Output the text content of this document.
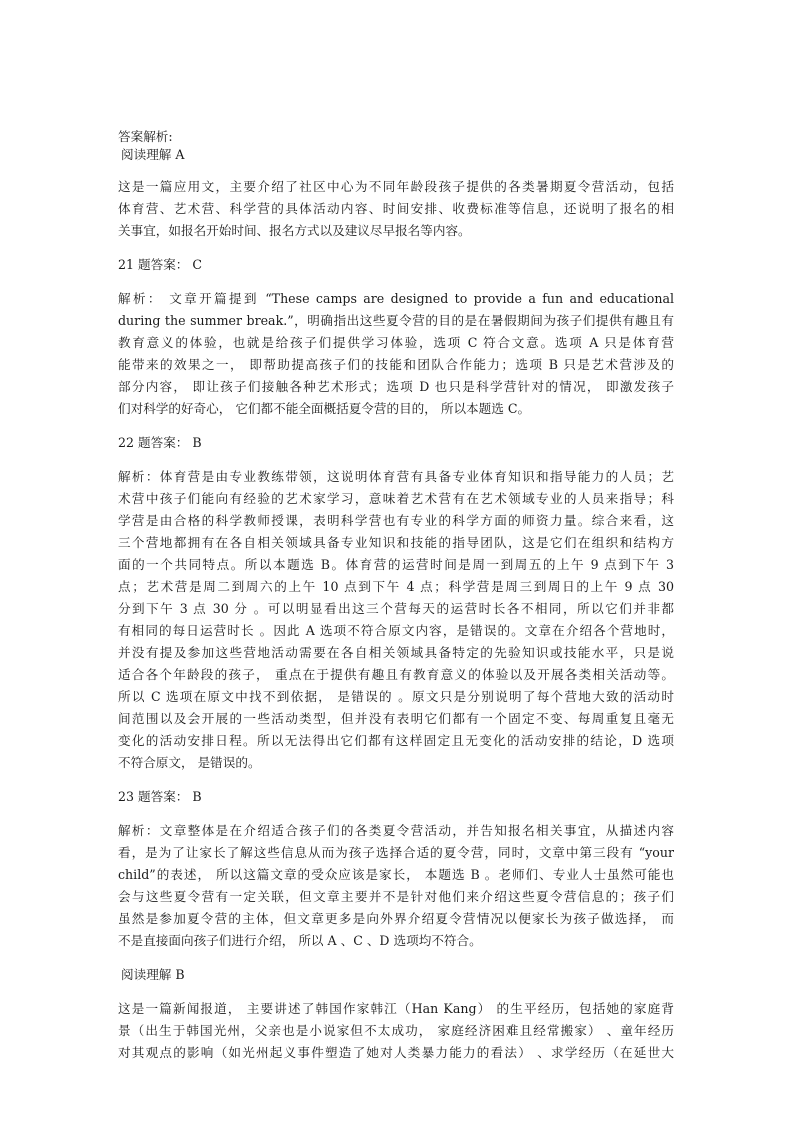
答案解析:
阅读理解 A
这是一篇应用文，主要介绍了社区中心为不同年龄段孩子提供的各类暑期夏令营活动，包括
体育营、艺术营、科学营的具体活动内容、时间安排、收费标准等信息，还说明了报名的相
关事宜，如报名开始时间、报名方式以及建议尽早报名等内容。
21 题答案： C
解析： 文章开篇提到 “These camps are designed to provide a fun and educational
during the summer break.”，明确指出这些夏令营的目的是在暑假期间为孩子们提供有趣且有
教育意义的体验，也就是给孩子们提供学习体验，选项 C 符合文意。选项 A 只是体育营
能带来的效果之一， 即帮助提高孩子们的技能和团队合作能力；选项 B 只是艺术营涉及的
部分内容， 即让孩子们接触各种艺术形式；选项 D 也只是科学营针对的情况， 即激发孩子
们对科学的好奇心， 它们都不能全面概括夏令营的目的， 所以本题选 C。
22 题答案： B
解析：体育营是由专业教练带领，这说明体育营有具备专业体育知识和指导能力的人员；艺
术营中孩子们能向有经验的艺术家学习，意味着艺术营有在艺术领域专业的人员来指导；科
学营是由合格的科学教师授课，表明科学营也有专业的科学方面的师资力量。综合来看，这
三个营地都拥有在各自相关领域具备专业知识和技能的指导团队，这是它们在组织和结构方
面的一个共同特点。所以本题选 B。体育营的运营时间是周一到周五的上午 9 点到下午 3
点；艺术营是周二到周六的上午 10 点到下午 4 点；科学营是周三到周日的上午 9 点 30
分到下午 3 点 30 分 。可以明显看出这三个营每天的运营时长各不相同，所以它们并非都
有相同的每日运营时长 。因此 A 选项不符合原文内容，是错误的。文章在介绍各个营地时，
并没有提及参加这些营地活动需要在各自相关领域具备特定的先验知识或技能水平，只是说
适合各个年龄段的孩子， 重点在于提供有趣且有教育意义的体验以及开展各类相关活动等。
所以 C 选项在原文中找不到依据， 是错误的 。原文只是分别说明了每个营地大致的活动时
间范围以及会开展的一些活动类型，但并没有表明它们都有一个固定不变、每周重复且毫无
变化的活动安排日程。所以无法得出它们都有这样固定且无变化的活动安排的结论，D 选项
不符合原文， 是错误的。
23 题答案： B
解析：文章整体是在介绍适合孩子们的各类夏令营活动，并告知报名相关事宜，从描述内容
看，是为了让家长了解这些信息从而为孩子选择合适的夏令营，同时，文章中第三段有 “your
child”的表述， 所以这篇文章的受众应该是家长， 本题选 B 。老师们、专业人士虽然可能也
会与这些夏令营有一定关联，但文章主要并不是针对他们来介绍这些夏令营信息的；孩子们
虽然是参加夏令营的主体，但文章更多是向外界介绍夏令营情况以便家长为孩子做选择， 而
不是直接面向孩子们进行介绍， 所以 A 、C 、D 选项均不符合。
阅读理解 B
这是一篇新闻报道， 主要讲述了韩国作家韩江（Han Kang） 的生平经历，包括她的家庭背
景（出生于韩国光州，父亲也是小说家但不太成功， 家庭经济困难且经常搬家） 、童年经历
对其观点的影响（如光州起义事件塑造了她对人类暴力能力的看法） 、求学经历（在延世大
